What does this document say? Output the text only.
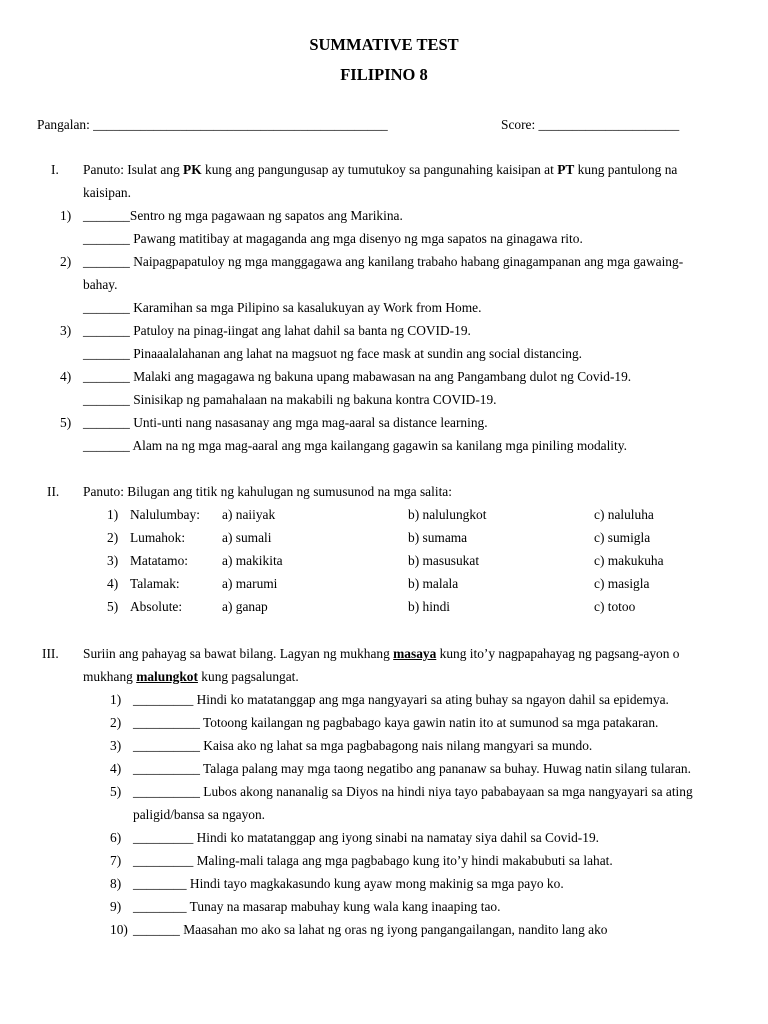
SUMMATIVE TEST
FILIPINO 8
Pangalan: ____________________________________________	Score: _____________________
I. Panuto: Isulat ang PK kung ang pangungusap ay tumutukoy sa pangunahing kaisipan at PT kung pantulong na
kaisipan.
1) _______Sentro ng mga pagawaan ng sapatos ang Marikina.
_______ Pawang matitibay at magaganda ang mga disenyo ng mga sapatos na ginagawa rito.
2) _______ Naipagpapatuloy ng mga manggagawa ang kanilang trabaho habang ginagampanan ang mga gawaing-
bahay.
_______ Karamihan sa mga Pilipino sa kasalukuyan ay Work from Home.
3) _______ Patuloy na pinag-iingat ang lahat dahil sa banta ng COVID-19.
_______ Pinaaalalahanan ang lahat na magsuot ng face mask at sundin ang social distancing.
4) _______ Malaki ang magagawa ng bakuna upang mabawasan na ang Pangambang dulot ng Covid-19.
_______ Sinisikap ng pamahalaan na makabili ng bakuna kontra COVID-19.
5) _______ Unti-unti nang nasasanay ang mga mag-aaral sa distance learning.
_______ Alam na ng mga mag-aaral ang mga kailangang gagawin sa kanilang mga piniling modality.
II. Panuto: Bilugan ang titik ng kahulugan ng sumusunod na mga salita:
1) Nalulumbay: a) naiiyak	b) nalulungkot	c) naluluha
2) Lumahok:	a) sumali	b) sumama	c) sumigla
3) Matatamo:	a) makikita	b) masusukat	c) makukuha
4) Talamak:	a) marumi	b) malala	c) masigla
5) Absolute:	a) ganap	b) hindi	c) totoo
III. Suriin ang pahayag sa bawat bilang. Lagyan ng mukhang masaya kung ito’y nagpapahayag ng pagsang-ayon o
mukhang malungkot kung pagsalungat.
1) _________ Hindi ko matatanggap ang mga nangyayari sa ating buhay sa ngayon dahil sa epidemya.
2) __________ Totoong kailangan ng pagbabago kaya gawin natin ito at sumunod sa mga patakaran.
3) __________ Kaisa ako ng lahat sa mga pagbabagong nais nilang mangyari sa mundo.
4) __________ Talaga palang may mga taong negatibo ang pananaw sa buhay. Huwag natin silang tularan.
5) __________ Lubos akong nananalig sa Diyos na hindi niya tayo pababayaan sa mga nangyayari sa ating
paligid/bansa sa ngayon.
6) _________ Hindi ko matatanggap ang iyong sinabi na namatay siya dahil sa Covid-19.
7) _________ Maling-mali talaga ang mga pagbabago kung ito’y hindi makabubuti sa lahat.
8) ________ Hindi tayo magkakasundo kung ayaw mong makinig sa mga payo ko.
9) ________ Tunay na masarap mabuhay kung wala kang inaaping tao.
10) _______ Maasahan mo ako sa lahat ng oras ng iyong pangangailangan, nandito lang ako
